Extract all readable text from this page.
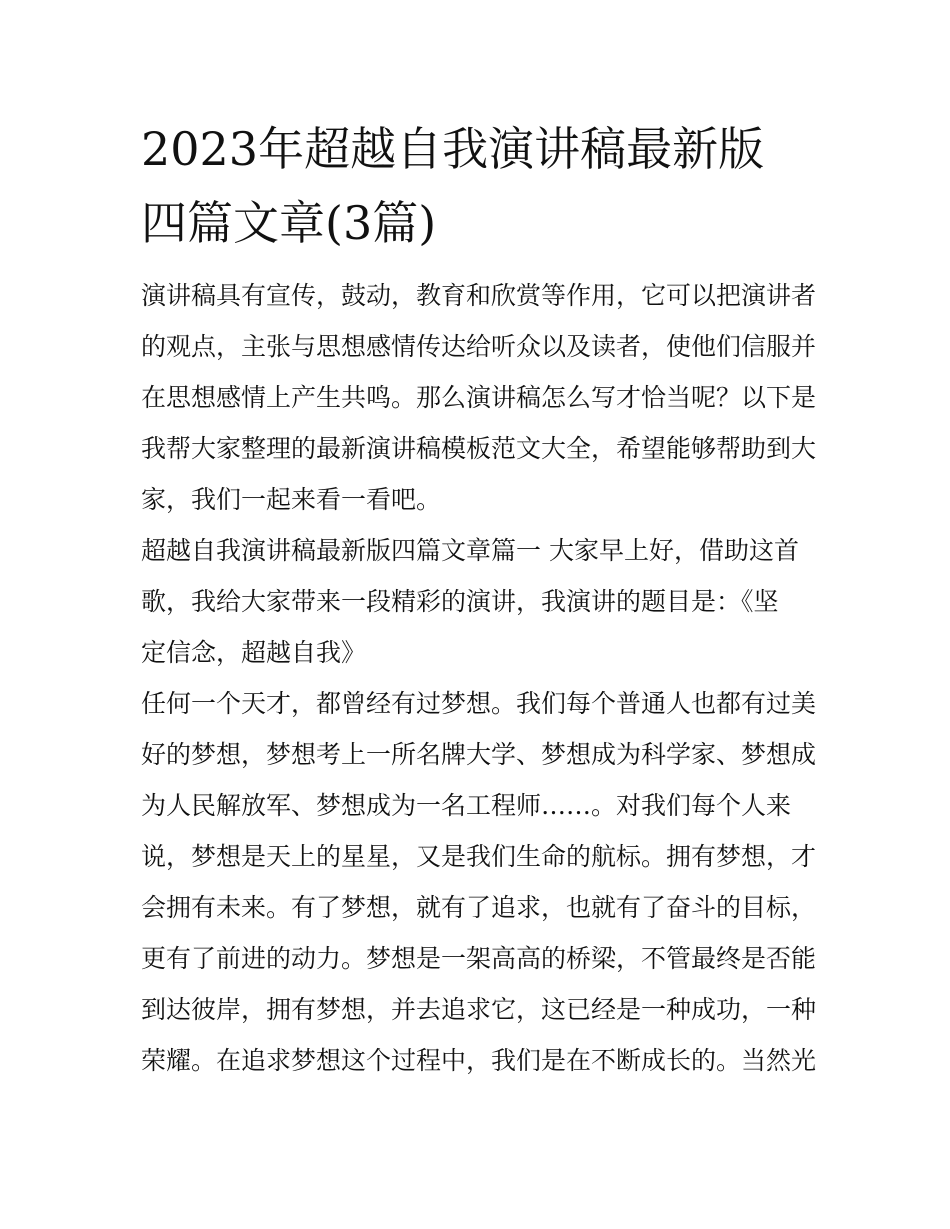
2023年超越自我演讲稿最新版
四篇文章(3篇)

演讲稿具有宣传，鼓动，教育和欣赏等作用，它可以把演讲者
的观点，主张与思想感情传达给听众以及读者，使他们信服并
在思想感情上产生共鸣。那么演讲稿怎么写才恰当呢？以下是
我帮大家整理的最新演讲稿模板范文大全，希望能够帮助到大
家，我们一起来看一看吧。

超越自我演讲稿最新版四篇文章篇一 大家早上好，借助这首
歌，我给大家带来一段精彩的演讲，我演讲的题目是：《坚
定信念，超越自我》

任何一个天才，都曾经有过梦想。我们每个普通人也都有过美
好的梦想，梦想考上一所名牌大学、梦想成为科学家、梦想成
为人民解放军、梦想成为一名工程师……。对我们每个人来
说，梦想是天上的星星，又是我们生命的航标。拥有梦想，才
会拥有未来。有了梦想，就有了追求，也就有了奋斗的目标，
更有了前进的动力。梦想是一架高高的桥梁，不管最终是否能
到达彼岸，拥有梦想，并去追求它，这已经是一种成功，一种
荣耀。在追求梦想这个过程中，我们是在不断成长的。当然光
